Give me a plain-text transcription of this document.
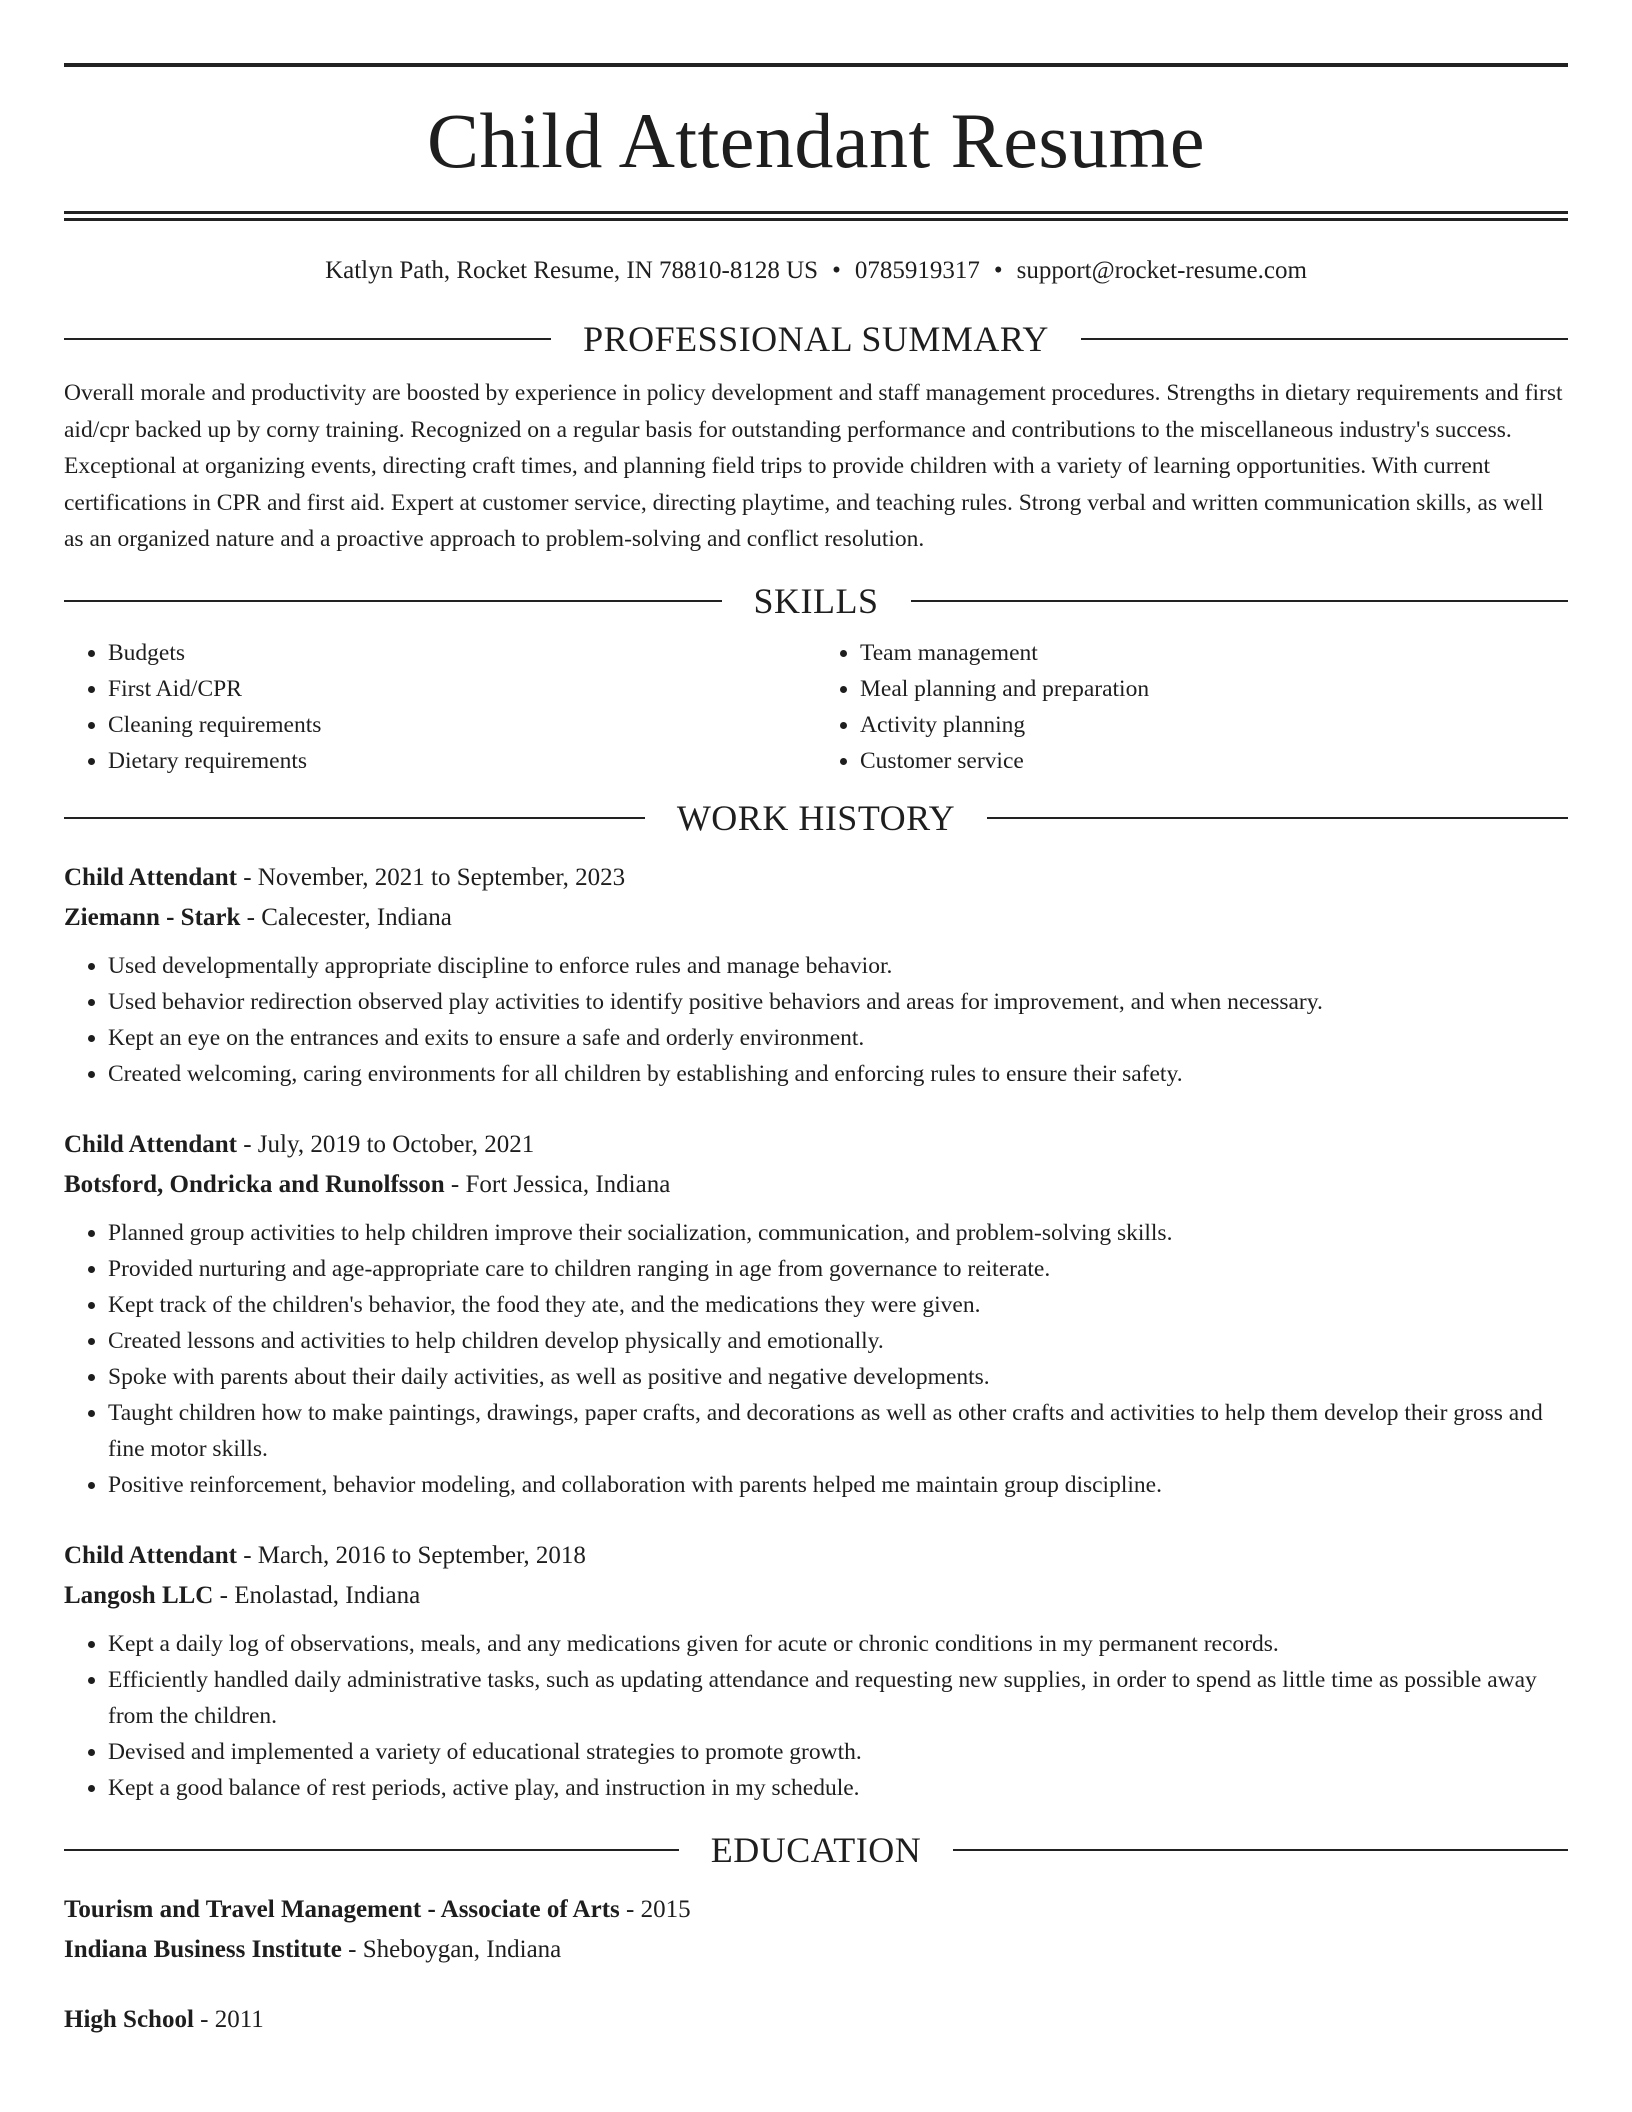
Child Attendant Resume
Katlyn Path, Rocket Resume, IN 78810-8128 US • 0785919317 • support@rocket-resume.com
PROFESSIONAL SUMMARY

Overall morale and productivity are boosted by experience in policy development and staff management procedures. Strengths in dietary requirements and first aid/cpr backed up by corny training. Recognized on a regular basis for outstanding performance and contributions to the miscellaneous industry's success. Exceptional at organizing events, directing craft times, and planning field trips to provide children with a variety of learning opportunities. With current certifications in CPR and first aid. Expert at customer service, directing playtime, and teaching rules. Strong verbal and written communication skills, as well as an organized nature and a proactive approach to problem-solving and conflict resolution.

SKILLS
• Budgets
• First Aid/CPR
• Cleaning requirements
• Dietary requirements
• Team management
• Meal planning and preparation
• Activity planning
• Customer service
WORK HISTORY
Child Attendant - November, 2021 to September, 2023
Ziemann - Stark - Calecester, Indiana
• Used developmentally appropriate discipline to enforce rules and manage behavior.
• Used behavior redirection observed play activities to identify positive behaviors and areas for improvement, and when necessary.
• Kept an eye on the entrances and exits to ensure a safe and orderly environment.
• Created welcoming, caring environments for all children by establishing and enforcing rules to ensure their safety.
Child Attendant - July, 2019 to October, 2021
Botsford, Ondricka and Runolfsson - Fort Jessica, Indiana
• Planned group activities to help children improve their socialization, communication, and problem-solving skills.
• Provided nurturing and age-appropriate care to children ranging in age from governance to reiterate.
• Kept track of the children's behavior, the food they ate, and the medications they were given.
• Created lessons and activities to help children develop physically and emotionally.
• Spoke with parents about their daily activities, as well as positive and negative developments.
• Taught children how to make paintings, drawings, paper crafts, and decorations as well as other crafts and activities to help them develop their gross and fine motor skills.
• Positive reinforcement, behavior modeling, and collaboration with parents helped me maintain group discipline.
Child Attendant - March, 2016 to September, 2018
Langosh LLC - Enolastad, Indiana
• Kept a daily log of observations, meals, and any medications given for acute or chronic conditions in my permanent records.
• Efficiently handled daily administrative tasks, such as updating attendance and requesting new supplies, in order to spend as little time as possible away from the children.
• Devised and implemented a variety of educational strategies to promote growth.
• Kept a good balance of rest periods, active play, and instruction in my schedule.
EDUCATION
Tourism and Travel Management - Associate of Arts - 2015
Indiana Business Institute - Sheboygan, Indiana
High School - 2011
